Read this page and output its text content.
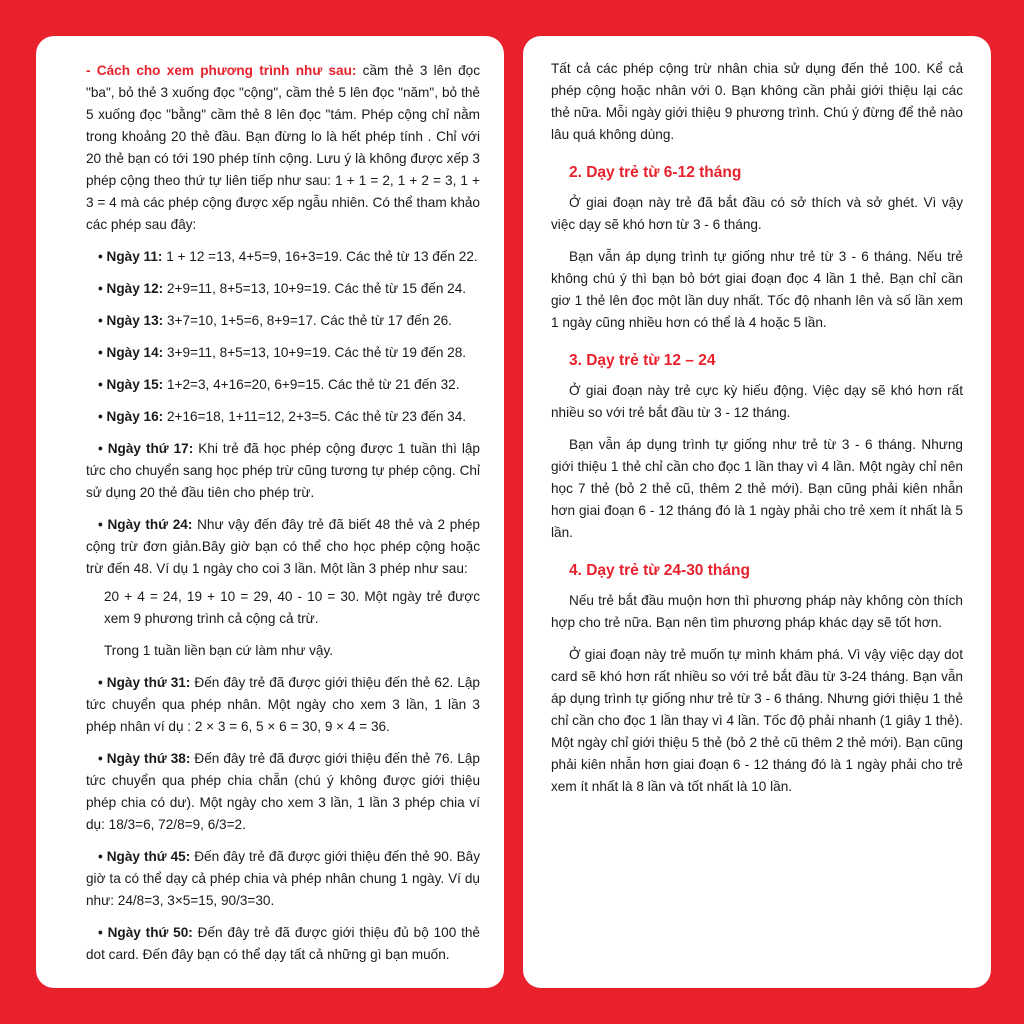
- Cách cho xem phương trình như sau: cầm thẻ 3 lên đọc "ba", bỏ thẻ 3 xuống đọc "cộng", cầm thẻ 5 lên đọc "năm", bỏ thẻ 5 xuống đọc "bằng" cầm thẻ 8 lên đọc "tám. Phép cộng chỉ nằm trong khoảng 20 thẻ đầu. Bạn đừng lo là hết phép tính . Chỉ với 20 thẻ bạn có tới 190 phép tính cộng. Lưu ý là không được xếp 3 phép cộng theo thứ tự liên tiếp như sau: 1 + 1 = 2, 1 + 2 = 3, 1 + 3 = 4 mà các phép cộng được xếp ngẫu nhiên. Có thể tham khảo các phép sau đây:

• Ngày 11: 1 + 12 =13, 4+5=9, 16+3=19. Các thẻ từ 13 đến 22.

• Ngày 12: 2+9=11, 8+5=13, 10+9=19. Các thẻ từ 15 đến 24.

• Ngày 13: 3+7=10, 1+5=6, 8+9=17. Các thẻ từ 17 đến 26.

• Ngày 14: 3+9=11, 8+5=13, 10+9=19. Các thẻ từ 19 đến 28.

• Ngày 15: 1+2=3, 4+16=20, 6+9=15. Các thẻ từ 21 đến 32.

• Ngày 16: 2+16=18, 1+11=12, 2+3=5. Các thẻ từ 23 đến 34.

• Ngày thứ 17: Khi trẻ đã học phép cộng được 1 tuần thì lập tức cho chuyển sang học phép trừ cũng tương tự phép cộng. Chỉ sử dụng 20 thẻ đầu tiên cho phép trừ.

• Ngày thứ 24: Như vậy đến đây trẻ đã biết 48 thẻ và 2 phép cộng trừ đơn giản.Bây giờ bạn có thể cho học phép cộng hoặc trừ đến 48. Ví dụ 1 ngày cho coi 3 lần. Một lần 3 phép như sau:

20 + 4 = 24, 19 + 10 = 29, 40 - 10 = 30. Một ngày trẻ được xem 9 phương trình cả cộng cả trừ.

Trong 1 tuần liền bạn cứ làm như vậy.

• Ngày thứ 31: Đến đây trẻ đã được giới thiệu đến thẻ 62. Lập tức chuyển qua phép nhân. Một ngày cho xem 3 lần, 1 lần 3 phép nhân ví dụ : 2 × 3 = 6, 5 × 6 = 30, 9 × 4 = 36.

• Ngày thứ 38: Đến đây trẻ đã được giới thiệu đến thẻ 76. Lập tức chuyển qua phép chia chẵn (chú ý không được giới thiệu phép chia có dư). Một ngày cho xem 3 lần, 1 lần 3 phép chia ví dụ: 18/3=6, 72/8=9, 6/3=2.

• Ngày thứ 45: Đến đây trẻ đã được giới thiệu đến thẻ 90. Bây giờ ta có thể dạy cả phép chia và phép nhân chung 1 ngày. Ví dụ như: 24/8=3, 3×5=15, 90/3=30.

• Ngày thứ 50: Đến đây trẻ đã được giới thiệu đủ bộ 100 thẻ dot card. Đến đây bạn có thể dạy tất cả những gì bạn muốn.

Tất cả các phép cộng trừ nhân chia sử dụng đến thẻ 100. Kể cả phép cộng hoặc nhân với 0. Bạn không cần phải giới thiệu lại các thẻ nữa. Mỗi ngày giới thiệu 9 phương trình. Chú ý đừng để thẻ nào lâu quá không dùng.

2. Dạy trẻ từ 6-12 tháng

Ở giai đoạn này trẻ đã bắt đầu có sở thích và sở ghét. Vì vậy việc dạy sẽ khó hơn từ 3 - 6 tháng.

Bạn vẫn áp dụng trình tự giống như trẻ từ 3 - 6 tháng. Nếu trẻ không chú ý thì bạn bỏ bớt giai đoạn đọc 4 lần 1 thẻ. Bạn chỉ cần giơ 1 thẻ lên đọc một lần duy nhất. Tốc độ nhanh lên và số lần xem 1 ngày cũng nhiều hơn có thể là 4 hoặc 5 lần.

3. Dạy trẻ từ 12 – 24

Ở giai đoạn này trẻ cực kỳ hiếu động. Việc dạy sẽ khó hơn rất nhiều so với trẻ bắt đầu từ 3 - 12 tháng.

Bạn vẫn áp dụng trình tự giống như trẻ từ 3 - 6 tháng. Nhưng giới thiệu 1 thẻ chỉ cần cho đọc 1 lần thay vì 4 lần. Một ngày chỉ nên học 7 thẻ (bỏ 2 thẻ cũ, thêm 2 thẻ mới). Bạn cũng phải kiên nhẫn hơn giai đoạn 6 - 12 tháng đó là 1 ngày phải cho trẻ xem ít nhất là 5 lần.

4. Dạy trẻ từ 24-30 tháng

Nếu trẻ bắt đầu muộn hơn thì phương pháp này không còn thích hợp cho trẻ nữa. Bạn nên tìm phương pháp khác dạy sẽ tốt hơn.

Ở giai đoạn này trẻ muốn tự mình khám phá. Vì vậy việc dạy dot card sẽ khó hơn rất nhiều so với trẻ bắt đầu từ 3-24 tháng. Bạn vẫn áp dụng trình tự giống như trẻ từ 3 - 6 tháng. Nhưng giới thiệu 1 thẻ chỉ cần cho đọc 1 lần thay vì 4 lần. Tốc độ phải nhanh (1 giây 1 thẻ). Một ngày chỉ giới thiệu 5 thẻ (bỏ 2 thẻ cũ thêm 2 thẻ mới). Bạn cũng phải kiên nhẫn hơn giai đoạn 6 - 12 tháng đó là 1 ngày phải cho trẻ xem ít nhất là 8 lần và tốt nhất là 10 lần.
